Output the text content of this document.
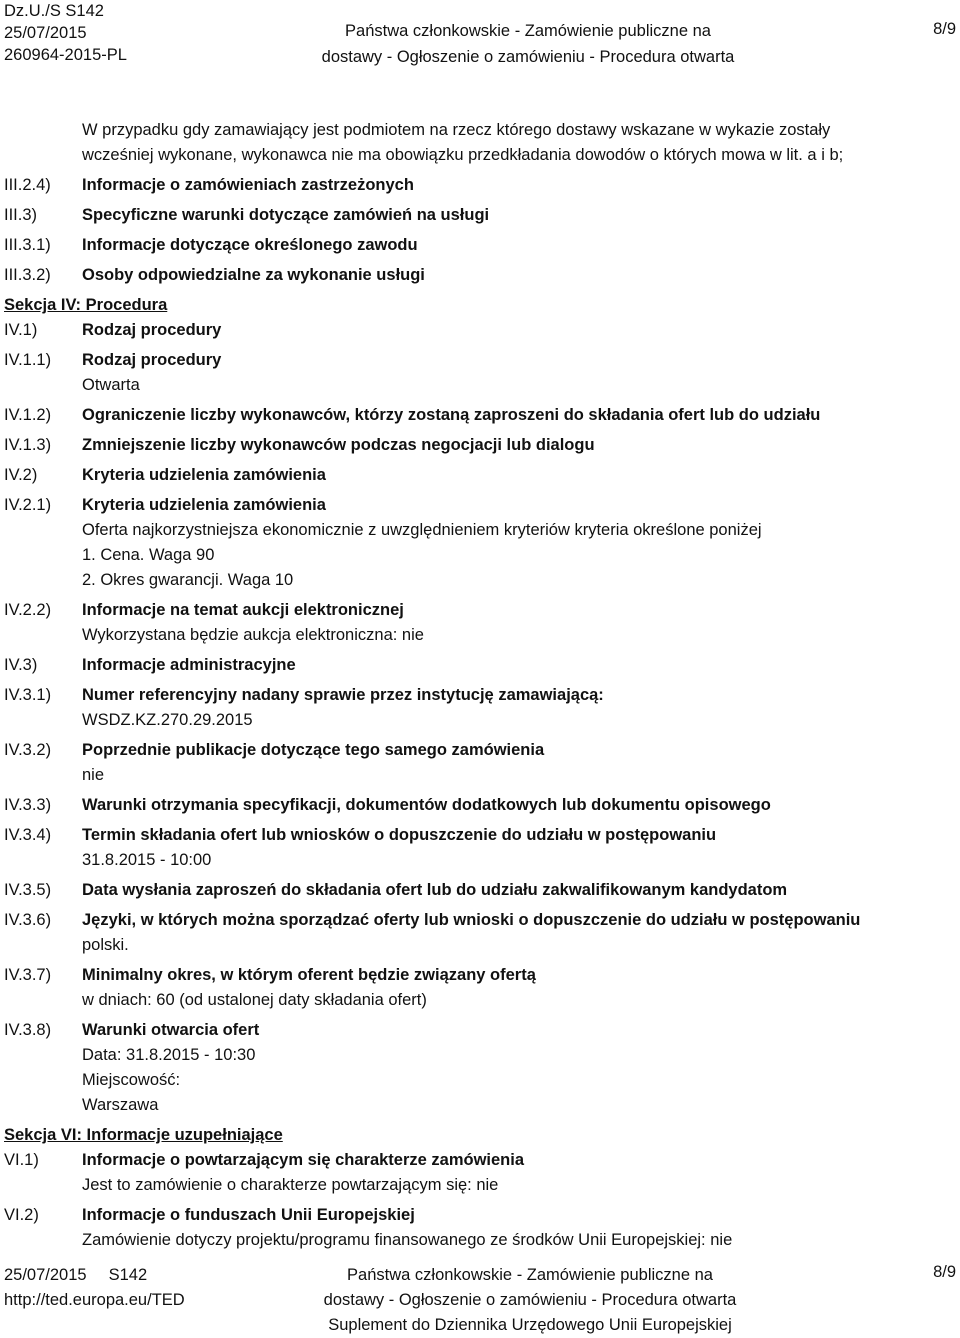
Dz.U./S S142
25/07/2015
260964-2015-PL
Państwa członkowskie - Zamówienie publiczne na
dostawy - Ogłoszenie o zamówieniu - Procedura otwarta
8/9
W przypadku gdy zamawiający jest podmiotem na rzecz którego dostawy wskazane w wykazie zostały
wcześniej wykonane, wykonawca nie ma obowiązku przedkładania dowodów o których mowa w lit. a i b;
III.2.4)	Informacje o zamówieniach zastrzeżonych
III.3)	Specyficzne warunki dotyczące zamówień na usługi
III.3.1)	Informacje dotyczące określonego zawodu
III.3.2)	Osoby odpowiedzialne za wykonanie usługi
Sekcja IV: Procedura
IV.1)	Rodzaj procedury
IV.1.1)	Rodzaj procedury
Otwarta
IV.1.2)	Ograniczenie liczby wykonawców, którzy zostaną zaproszeni do składania ofert lub do udziału
IV.1.3)	Zmniejszenie liczby wykonawców podczas negocjacji lub dialogu
IV.2)	Kryteria udzielenia zamówienia
IV.2.1)	Kryteria udzielenia zamówienia
Oferta najkorzystniejsza ekonomicznie z uwzględnieniem kryteriów kryteria określone poniżej
1. Cena. Waga 90
2. Okres gwarancji. Waga 10
IV.2.2)	Informacje na temat aukcji elektronicznej
Wykorzystana będzie aukcja elektroniczna: nie
IV.3)	Informacje administracyjne
IV.3.1)	Numer referencyjny nadany sprawie przez instytucję zamawiającą:
WSDZ.KZ.270.29.2015
IV.3.2)	Poprzednie publikacje dotyczące tego samego zamówienia
nie
IV.3.3)	Warunki otrzymania specyfikacji, dokumentów dodatkowych lub dokumentu opisowego
IV.3.4)	Termin składania ofert lub wniosków o dopuszczenie do udziału w postępowaniu
31.8.2015 - 10:00
IV.3.5)	Data wysłania zaproszeń do składania ofert lub do udziału zakwalifikowanym kandydatom
IV.3.6)	Języki, w których można sporządzać oferty lub wnioski o dopuszczenie do udziału w postępowaniu
polski.
IV.3.7)	Minimalny okres, w którym oferent będzie związany ofertą
w dniach: 60 (od ustalonej daty składania ofert)
IV.3.8)	Warunki otwarcia ofert
Data: 31.8.2015 - 10:30
Miejscowość:
Warszawa
Sekcja VI: Informacje uzupełniające
VI.1)	Informacje o powtarzającym się charakterze zamówienia
Jest to zamówienie o charakterze powtarzającym się: nie
VI.2)	Informacje o funduszach Unii Europejskiej
Zamówienie dotyczy projektu/programu finansowanego ze środków Unii Europejskiej: nie
25/07/2015 S142
http://ted.europa.eu/TED
Państwa członkowskie - Zamówienie publiczne na
dostawy - Ogłoszenie o zamówieniu - Procedura otwarta
Suplement do Dziennika Urzędowego Unii Europejskiej
8/9
